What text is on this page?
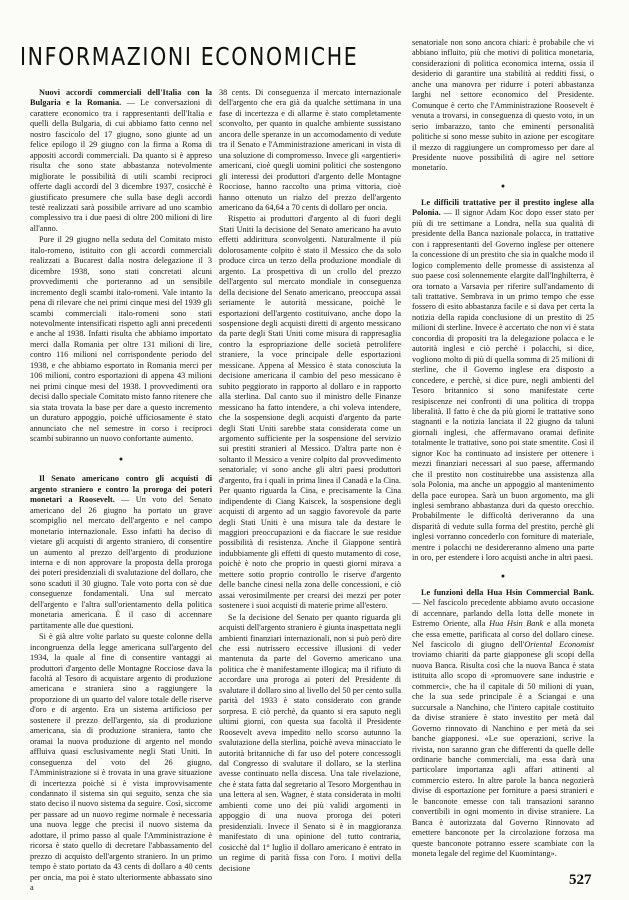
INFORMAZIONI ECONOMICHE

Nuovi accordi commerciali dell'Italia con la Bulgaria e la Romania. — Le conversazioni di carattere economico tra i rappresentanti dell'Italia e quelli della Bulgaria, di cui abbiamo fatto cenno nel nostro fascicolo del 17 giugno, sono giunte ad un felice epilogo il 29 giugno con la firma a Roma di appositi accordi commerciali. Da quanto si è appreso risulta che sono state abbastanza notevolmente migliorate le possibilità di utili scambi reciproci offerte dagli accordi del 3 dicembre 1937, cosicchè è giustificato presumere che sulla base degli accordi testè realizzati sarà possibile arrivare ad uno scambio complessivo tra i due paesi di oltre 200 milioni di lire all'anno.

Pure il 29 giugno nella seduta del Comitato misto italo-romeno, istituito con gli accordi commerciali realizzati a Bucarest dalla nostra delegazione il 3 dicembre 1938, sono stati concretati alcuni provvedimenti che porteranno ad un sensibile incremento degli scambi italo-romeni. Vale intanto la pena di rilevare che nei primi cinque mesi del 1939 gli scambi commerciali italo-romeni sono stati notevolmente intensificati rispetto agli anni precedenti e anche al 1938. Infatti risulta che abbiamo importato merci dalla Romania per oltre 131 milioni di lire, contro 116 milioni nel corrispondente periodo del 1938, e che abbiamo esportato in Romania merci per 106 milioni, contro esportazioni di appena 43 milioni nei primi cinque mesi del 1938. I provvedimenti ora decisi dallo speciale Comitato misto fanno ritenere che sia stata trovata la base per dare a questo incremento un duraturo appoggio, poichè ufficiosamente è stato annunciato che nel semestre in corso i reciproci scambi subiranno un nuovo confortante aumento.

●

Il Senato americano contro gli acquisti di argento straniero e contro la proroga dei poteri monetari a Roosevelt. — Un voto del Senato americano del 26 giugno ha portato un grave scompiglio nel mercato dell'argento e nel campo monetario internazionale. Esso infatti ha deciso di vietare gli acquisti di argento straniero, di consentire un aumento al prezzo dell'argento di produzione interna e di non approvare la proposta della proroga dei poteri presidenziali di svalutazione del dollaro, che sono scaduti il 30 giugno. Tale voto porta con sè due conseguenze fondamentali. Una sul mercato dell'argento e l'altra sull'orientamento della politica monetaria americana. È il caso di accennare partitamente alle due questioni.

Si è già altre volte parlato su queste colonne della incongruenza della legge americana sull'argento del 1934, la quale al fine di consentire vantaggi ai produttori d'argento delle Montagne Rocciose dava la facoltà al Tesoro di acquistare argento di produzione americana e straniera sino a raggiungere la proporzione di un quarto del valore totale delle riserve d'oro e di argento. Era un sistema artificioso per sostenere il prezzo dell'argento, sia di produzione americana, sia di produzione straniera, tanto che oramai la nuova produzione di argento nel mondo affluiva quasi esclusivamente negli Stati Uniti. In conseguenza del voto del 26 giugno, l'Amministrazione si è trovata in una grave situazione di incertezza poichè si è vista improvvisamente condannato il sistema sin qui seguito, senza che sia stato deciso il nuovo sistema da seguire. Così, siccome per passare ad un nuovo regime normale è necessaria una nuova legge che precisi il nuovo sistema da adottare, il primo passo al quale l'Amministrazione è ricorsa è stato quello di decretare l'abbassamento del prezzo di acquisto dell'argento straniero. In un primo tempo è stato portato da 43 cents di dollaro a 40 cents per oncia, ma poi è stato ulteriormente abbassato sino a

38 cents. Di conseguenza il mercato internazionale dell'argento che era già da qualche settimana in una fase di incertezza e di allarme è stato completamente sconvolto, per quanto in qualche ambiente sussistano ancora delle speranze in un accomodamento di vedute tra il Senato e l'Amministrazione americani in vista di una soluzione di compromesso. Invece gli «argentieri» americani, cioè quegli uomini politici che sostengono gli interessi dei produttori d'argento delle Montagne Rocciose, hanno raccolto una prima vittoria, cioè hanno ottenuto un rialzo del prezzo dell'argento americano da 64,64 a 70 cents di dollaro per oncia.

Rispetto ai produttori d'argento al di fuori degli Stati Uniti la decisione del Senato americano ha avuto effetti addirittura sconvolgenti. Naturalmente il più dolorosamente colpito è stato il Messico che da solo produce circa un terzo della produzione mondiale di argento. La prospettiva di un crollo del prezzo dell'argento sul mercato mondiale in conseguenza della decisione del Senato americano, preoccupa assai seriamente le autorità messicane, poichè le esportazioni dell'argento costituivano, anche dopo la sospensione degli acquisti diretti di argento messicano da parte degli Stati Uniti come misura di rappresaglia contro la espropriazione delle società petrolifere straniere, la voce principale delle esportazioni messicane. Appena al Messico è stata conosciuta la decisione americana il cambio del peso messicano è subito peggiorato in rapporto al dollaro e in rapporto alla sterlina. Dal canto suo il ministro delle Finanze messicano ha fatto intendere, a chi voleva intendere, che la sospensione degli acquisti d'argento da parte degli Stati Uniti sarebbe stata considerata come un argomento sufficiente per la sospensione del servizio sui prestiti stranieri al Messico. D'altra parte non è soltanto il Messico a venire colpito dal provvedimento senatoriale; vi sono anche gli altri paesi produttori d'argento, fra i quali in prima linea il Canadà e la Cina. Per quanto riguarda la Cina, e precisamente la Cina indipendente di Ciang Kaiscek, la sospensione degli acquisti di argento ad un saggio favorevole da parte degli Stati Uniti è una misura tale da destare le maggiori preoccupazioni e da fiaccare le sue residue possibilità di resistenza. Anche il Giappone sentirà indubbiamente gli effetti di questo mutamento di cose, poichè è noto che proprio in questi giorni mirava a mettere sotto proprio controllo le riserve d'argento delle banche cinesi nella zona delle concessioni, e ciò assai verosimilmente per crearsi dei mezzi per poter sostenere i suoi acquisti di materie prime all'estero.

Se la decisione del Senato per quanto riguarda gli acquisti dell'argento straniero è giunta inaspettata negli ambienti finanziari internazionali, non si può però dire che essi nutrissero eccessive illusioni di veder mantenuta da parte del Governo americano una politica che è manifestamente illogica; ma il rifiuto di accordare una proroga ai poteri del Presidente di svalutare il dollaro sino al livello del 50 per cento sulla parità del 1933 è stato considerato con grande sorpresa. E ciò perchè, da quanto si era saputo negli ultimi giorni, con questa sua facoltà il Presidente Roosevelt aveva impedito nello scorso autunno la svalutazione della sterlina, poichè aveva minacciato le autorità britanniche di far uso del potere concessogli dal Congresso di svalutare il dollaro, se la sterlina avesse continuato nella discesa. Una tale rivelazione, che è stata fatta dal segretario al Tesoro Morgenthau in una lettera al sen. Wagner, è stata considerata in molti ambienti come uno dei più validi argomenti in appoggio di una nuova proroga dei poteri presidenziali. Invece il Senato si è in maggioranza manifestato di una opinione del tutto contraria, cosicchè dal 1° luglio il dollaro americano è entrato in un regime di parità fissa con l'oro. I motivi della decisione

senatoriale non sono ancora chiari: è probabile che vi abbiano influito, più che motivi di politica monetaria, considerazioni di politica economica interna, ossia il desiderio di garantire una stabilità ai redditi fissi, o anche una manovra per ridurre i poteri abbastanza larghi nel settore economico del Presidente. Comunque è certo che l'Amministrazione Roosevelt è venuta a trovarsi, in conseguenza di questo voto, in un serio imbarazzo, tanto che eminenti personalità politiche si sono messe subito in azione per escogitare il mezzo di raggiungere un compromesso per dare al Presidente nuove possibilità di agire nel settore monetario.

●

Le difficili trattative per il prestito inglese alla Polonia. — Il signor Adam Koc dopo esser stato per più di tre settimane a Londra, nella sua qualità di presidente della Banca nazionale polacca, in trattative con i rappresentanti del Governo inglese per ottenere la concessione di un prestito che sia in qualche modo il logico complemento delle promesse di assistenza al suo paese così solennemente elargite dall'Inghilterra, è ora tornato a Varsavia per riferire sull'andamento di tali trattative. Sembrava in un primo tempo che esse fossero di esito abbastanza facile e si dava per certa la notizia della rapida conclusione di un prestito di 25 milioni di sterline. Invece è accertato che non vi è stata concordia di propositi tra la delegazione polacca e le autorità inglesi e ciò perchè i polacchi, si dice, vogliono molto di più di quella somma di 25 milioni di sterline, che il Governo inglese era disposto a concedere, e perchè, si dice pure, negli ambienti del Tesoro britannico si sono manifestate certe resipiscenze nei confronti di una politica di troppa liberalità. Il fatto è che da più giorni le trattative sono stagnanti e la notizia lanciata il 22 giugno da taluni giornali inglesi, che affermavano oramai definite totalmente le trattative, sono poi state smentite. Così il signor Koc ha continuato ad insistere per ottenere i mezzi finanziari necessari al suo paese, affermando che il prestito non costituirebbe una assistenza alla sola Polonia, ma anche un appoggio al mantenimento della pace europea. Sarà un buon argomento, ma gli inglesi sembrano abbastanza duri da questo orecchio. Probabilmente le difficoltà deriveranno da una disparità di vedute sulla forma del prestito, perchè gli inglesi vorranno concederlo con forniture di materiale, mentre i polacchi ne desidereranno almeno una parte in oro, per estendere i loro acquisti anche in altri paesi.

●

Le funzioni della Hua Hsin Commercial Bank. — Nel fascicolo precedente abbiamo avuto occasione di accennare, parlando della lotta delle monete in Estremo Oriente, alla Hua Hsin Bank e alla moneta che essa emette, parificata al corso del dollaro cinese. Nel fascicolo di giugno dell'Oriental Economist troviamo chiariti da parte giapponese gli scopi della nuova Banca. Risulta così che la nuova Banca è stata istituita allo scopo di «promuovere sane industrie e commerci», che ha il capitale di 50 milioni di yuan, che la sua sede principale è a Sciangai e una succursale a Nanchino, che l'intero capitale costituito da divise straniere è stato investito per metà dal Governo rinnovato di Nanchino e per metà da sei banche giapponesi. «Le sue operazioni, scrive la rivista, non saranno gran che differenti da quelle delle ordinarie banche commerciali, ma essa darà una particolare importanza agli affari attinenti al commercio estero. In altre parole la banca negozierà divise di esportazione per forniture a paesi stranieri e le banconote emesse con tali transazioni saranno convertibili in ogni momento in divise straniere. La Banca è autorizzata dal Governo Rinnovato ad emettere banconote per la circolazione forzosa ma queste banconote potranno essere scambiate con la moneta legale del regime del Kuomintang».

527
